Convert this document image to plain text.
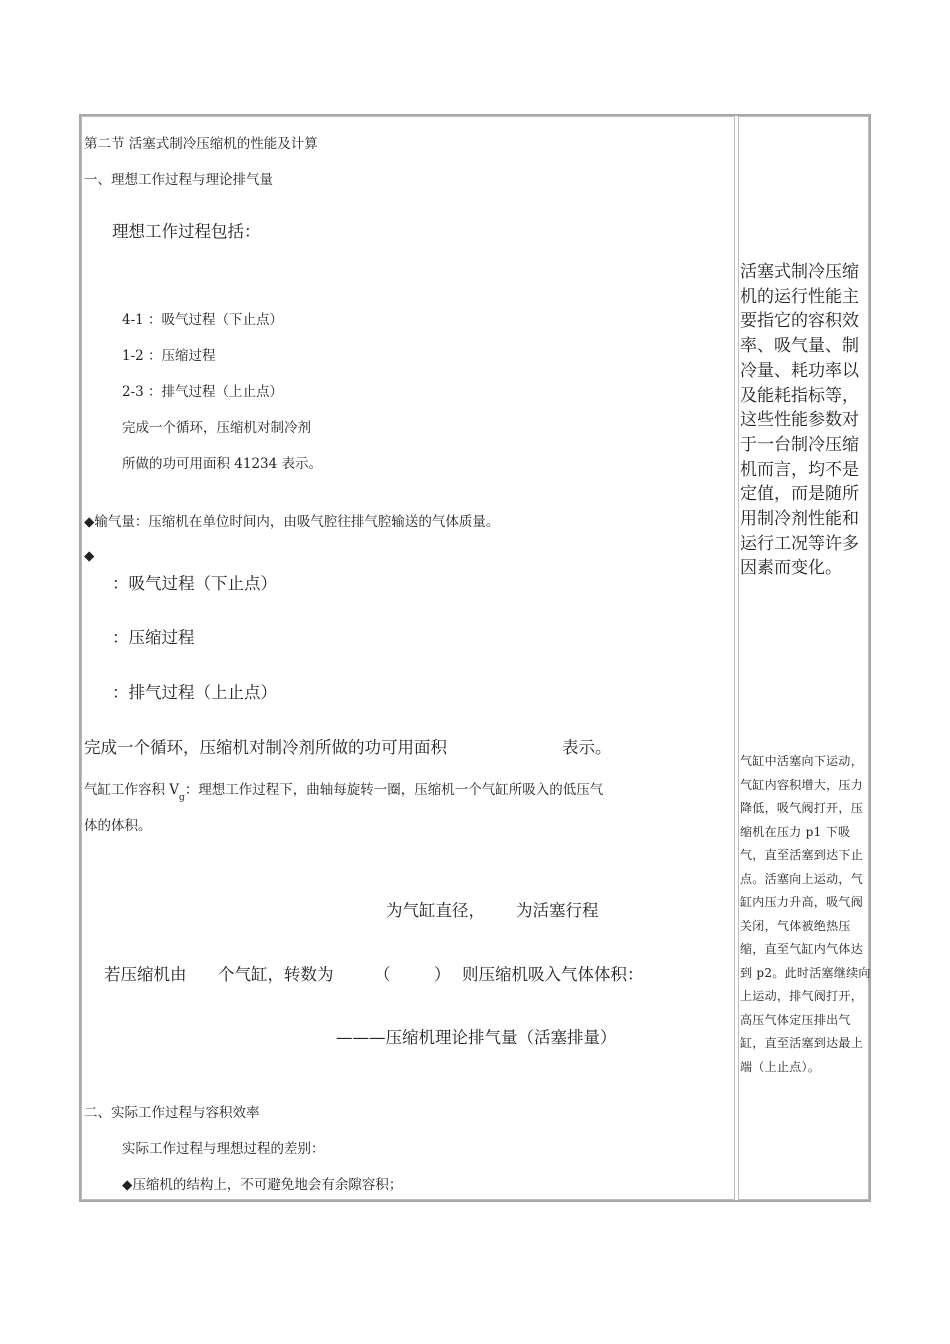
第二节 活塞式制冷压缩机的性能及计算
一、理想工作过程与理论排气量
理想工作过程包括：
4-1 ：吸气过程（下止点）
1-2 ：压缩过程
2-3 ：排气过程（上止点）
完成一个循环，压缩机对制冷剂
所做的功可用面积 41234 表示。
◆输气量：压缩机在单位时间内，由吸气腔往排气腔输送的气体质量。
◆
：吸气过程（下止点）
：压缩过程
：排气过程（上止点）
完成一个循环，压缩机对制冷剂所做的功可用面积	表示。
气缸工作容积 $V_g$：理想工作过程下，曲轴每旋转一圈，压缩机一个气缸所吸入的低压气
体的体积。
为气缸直径， 为活塞行程
若压缩机由 个气缸，转数为 （	） 则压缩机吸入气体体积：
———压缩机理论排气量（活塞排量）
二、实际工作过程与容积效率
实际工作过程与理想过程的差别：
◆压缩机的结构上，不可避免地会有余隙容积；
活塞式制冷压缩机的运行性能主要指它的容积效率、吸气量、制冷量、耗功率以及能耗指标等，这些性能参数对于一台制冷压缩机而言，均不是定值，而是随所用制冷剂性能和运行工况等许多因素而变化。
气缸中活塞向下运动，气缸内容积增大，压力降低，吸气阀打开，压缩机在压力 p1 下吸气，直至活塞到达下止点。活塞向上运动，气缸内压力升高，吸气阀关闭，气体被绝热压缩，直至气缸内气体达到 p2。此时活塞继续向上运动，排气阀打开，高压气体定压排出气缸，直至活塞到达最上端（上止点）。
